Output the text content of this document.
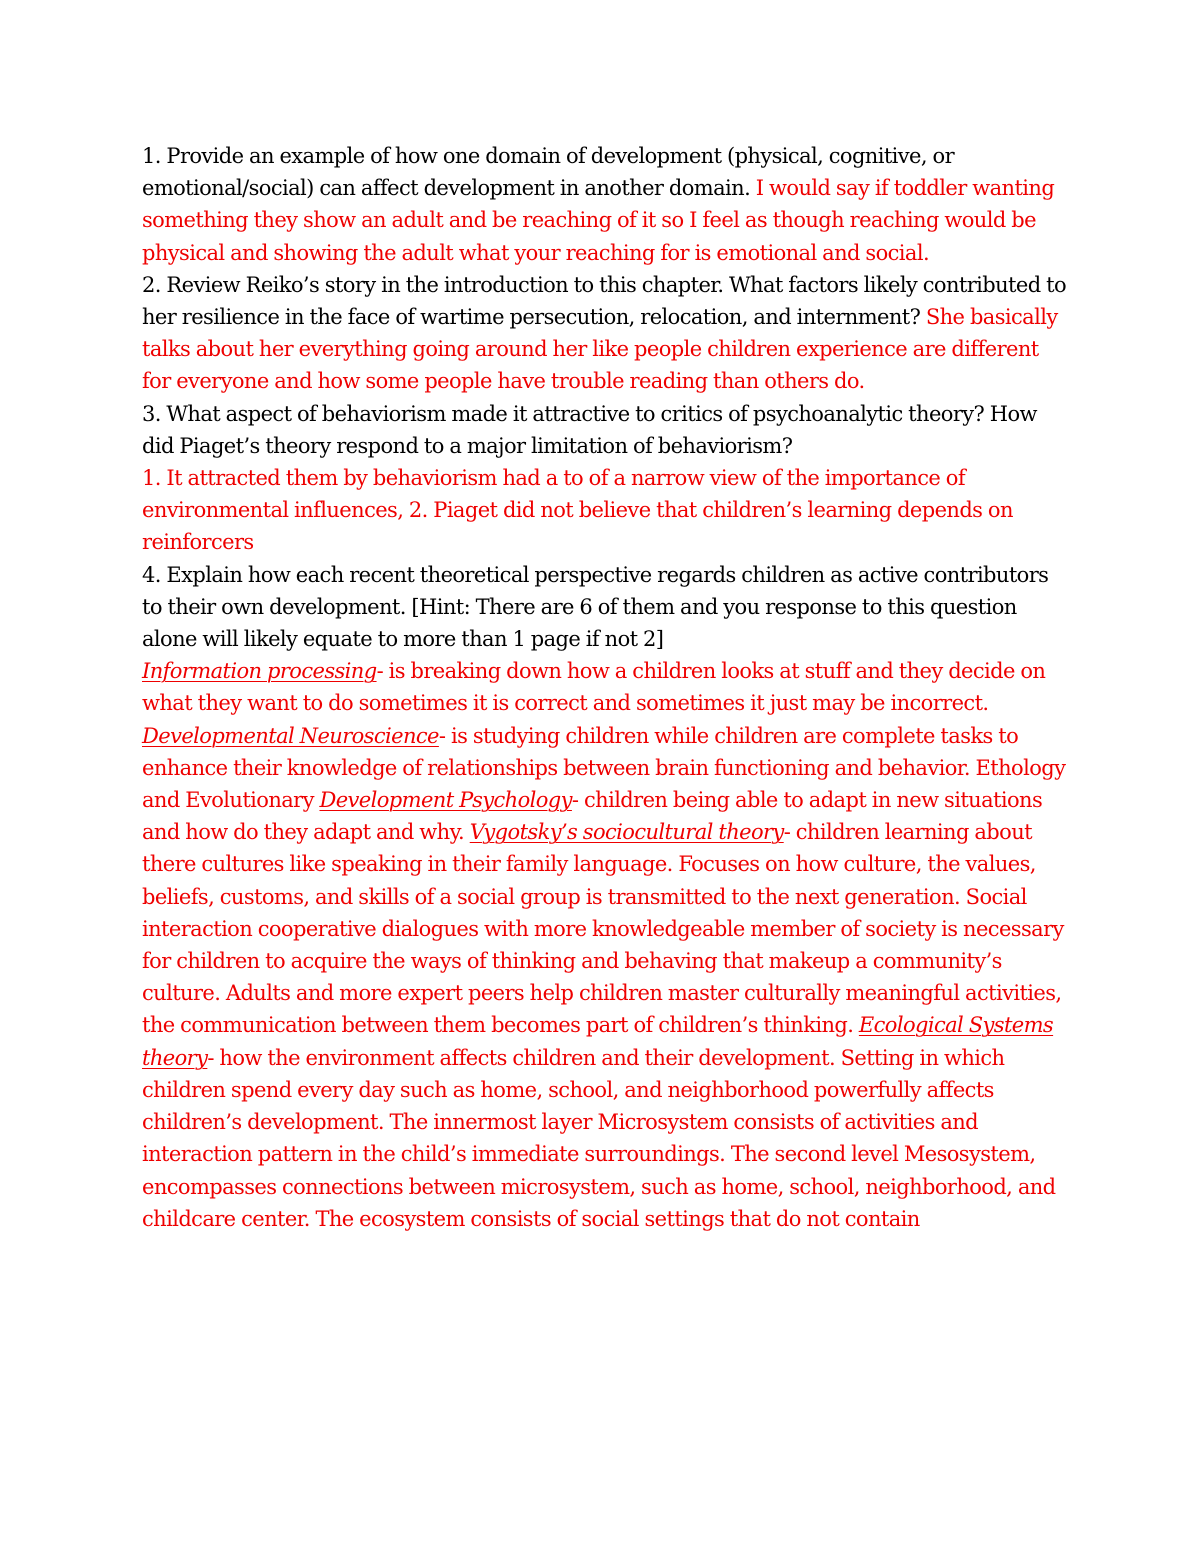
1. Provide an example of how one domain of development (physical, cognitive, or emotional/social) can affect development in another domain. I would say if toddler wanting something they show an adult and be reaching of it so I feel as though reaching would be physical and showing the adult what your reaching for is emotional and social.

2. Review Reiko’s story in the introduction to this chapter. What factors likely contributed to her resilience in the face of wartime persecution, relocation, and internment? She basically talks about her everything going around her like people children experience are different for everyone and how some people have trouble reading than others do.

3. What aspect of behaviorism made it attractive to critics of psychoanalytic theory? How did Piaget’s theory respond to a major limitation of behaviorism?

1. It attracted them by behaviorism had a to of a narrow view of the importance of environmental influences, 2. Piaget did not believe that children’s learning depends on reinforcers

4. Explain how each recent theoretical perspective regards children as active contributors to their own development. [Hint: There are 6 of them and you response to this question alone will likely equate to more than 1 page if not 2]

Information processing- is breaking down how a children looks at stuff and they decide on what they want to do sometimes it is correct and sometimes it just may be incorrect. Developmental Neuroscience- is studying children while children are complete tasks to enhance their knowledge of relationships between brain functioning and behavior. Ethology and Evolutionary Development Psychology- children being able to adapt in new situations and how do they adapt and why. Vygotsky’s sociocultural theory- children learning about there cultures like speaking in their family language. Focuses on how culture, the values, beliefs, customs, and skills of a social group is transmitted to the next generation. Social interaction cooperative dialogues with more knowledgeable member of society is necessary for children to acquire the ways of thinking and behaving that makeup a community’s culture. Adults and more expert peers help children master culturally meaningful activities, the communication between them becomes part of children’s thinking. Ecological Systems theory- how the environment affects children and their development. Setting in which children spend every day such as home, school, and neighborhood powerfully affects children’s development. The innermost layer Microsystem consists of activities and interaction pattern in the child’s immediate surroundings. The second level Mesosystem, encompasses connections between microsystem, such as home, school, neighborhood, and childcare center. The ecosystem consists of social settings that do not contain
